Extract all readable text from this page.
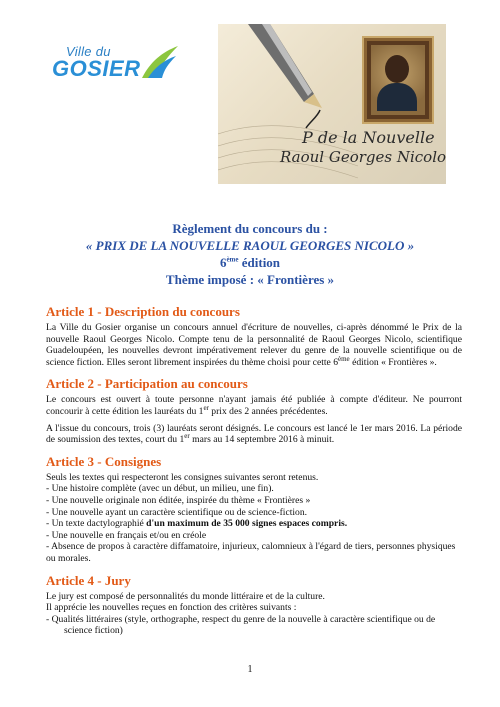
Ville du
GOSIER
P de la Nouvelle
Raoul Georges Nicolo
Règlement du concours du :
« PRIX DE LA NOUVELLE RAOUL GEORGES NICOLO »
6ème édition
Thème imposé : « Frontières »
Article 1 - Description du concours

La Ville du Gosier organise un concours annuel d'écriture de nouvelles, ci-après dénommé le Prix de la nouvelle Raoul Georges Nicolo. Compte tenu de la personnalité de Raoul Georges Nicolo, scientifique Guadeloupéen, les nouvelles devront impérativement relever du genre de la nouvelle scientifique ou de science fiction. Elles seront librement inspirées du thème choisi pour cette 6ème édition « Frontières ».

Article 2 - Participation au concours

Le concours est ouvert à toute personne n'ayant jamais été publiée à compte d'éditeur. Ne pourront concourir à cette édition les lauréats du 1er prix des 2 années précédentes.

A l'issue du concours, trois (3) lauréats seront désignés. Le concours est lancé le 1er mars 2016. La période de soumission des textes, court du 1er mars au 14 septembre 2016 à minuit.

Article 3 - Consignes
Seuls les textes qui respecteront les consignes suivantes seront retenus.
- Une histoire complète (avec un début, un milieu, une fin).
- Une nouvelle originale non éditée, inspirée du thème « Frontières »
- Une nouvelle ayant un caractère scientifique ou de science-fiction.
- Un texte dactylographié d'un maximum de 35 000 signes espaces compris.
- Une nouvelle en français et/ou en créole
- Absence de propos à caractère diffamatoire, injurieux, calomnieux à l'égard de tiers, personnes physiques ou morales.
Article 4 - Jury
Le jury est composé de personnalités du monde littéraire et de la culture.
Il apprécie les nouvelles reçues en fonction des critères suivants :
- Qualités littéraires (style, orthographe, respect du genre de la nouvelle à caractère scientifique ou de science fiction)
1
